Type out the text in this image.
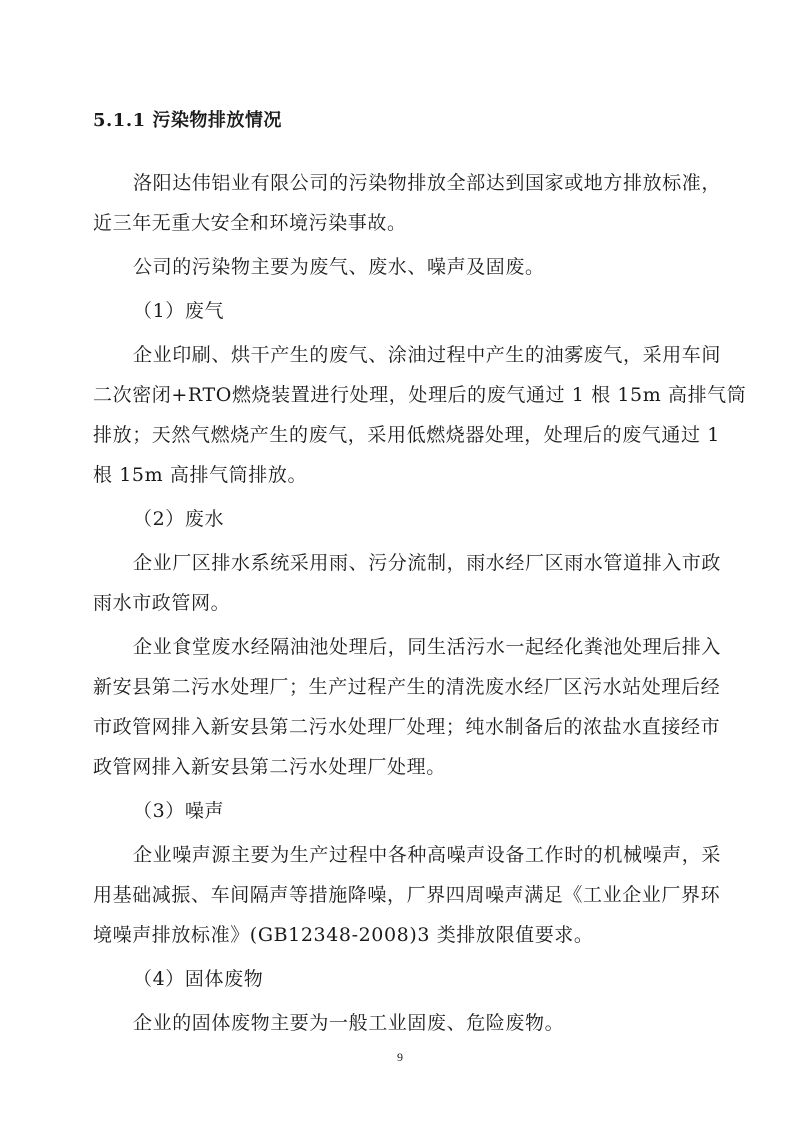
5.1.1 污染物排放情况
洛阳达伟铝业有限公司的污染物排放全部达到国家或地方排放标准，
近三年无重大安全和环境污染事故。
公司的污染物主要为废气、废水、噪声及固废。
（1）废气
企业印刷、烘干产生的废气、涂油过程中产生的油雾废气，采用车间
二次密闭+RTO燃烧装置进行处理，处理后的废气通过 1 根 15m 高排气筒
排放；天然气燃烧产生的废气，采用低燃烧器处理，处理后的废气通过 1
根 15m 高排气筒排放。
（2）废水
企业厂区排水系统采用雨、污分流制，雨水经厂区雨水管道排入市政
雨水市政管网。
企业食堂废水经隔油池处理后，同生活污水一起经化粪池处理后排入
新安县第二污水处理厂；生产过程产生的清洗废水经厂区污水站处理后经
市政管网排入新安县第二污水处理厂处理；纯水制备后的浓盐水直接经市
政管网排入新安县第二污水处理厂处理。
（3）噪声
企业噪声源主要为生产过程中各种高噪声设备工作时的机械噪声，采
用基础减振、车间隔声等措施降噪，厂界四周噪声满足《工业企业厂界环
境噪声排放标准》(GB12348-2008)3 类排放限值要求。
（4）固体废物
企业的固体废物主要为一般工业固废、危险废物。
9
